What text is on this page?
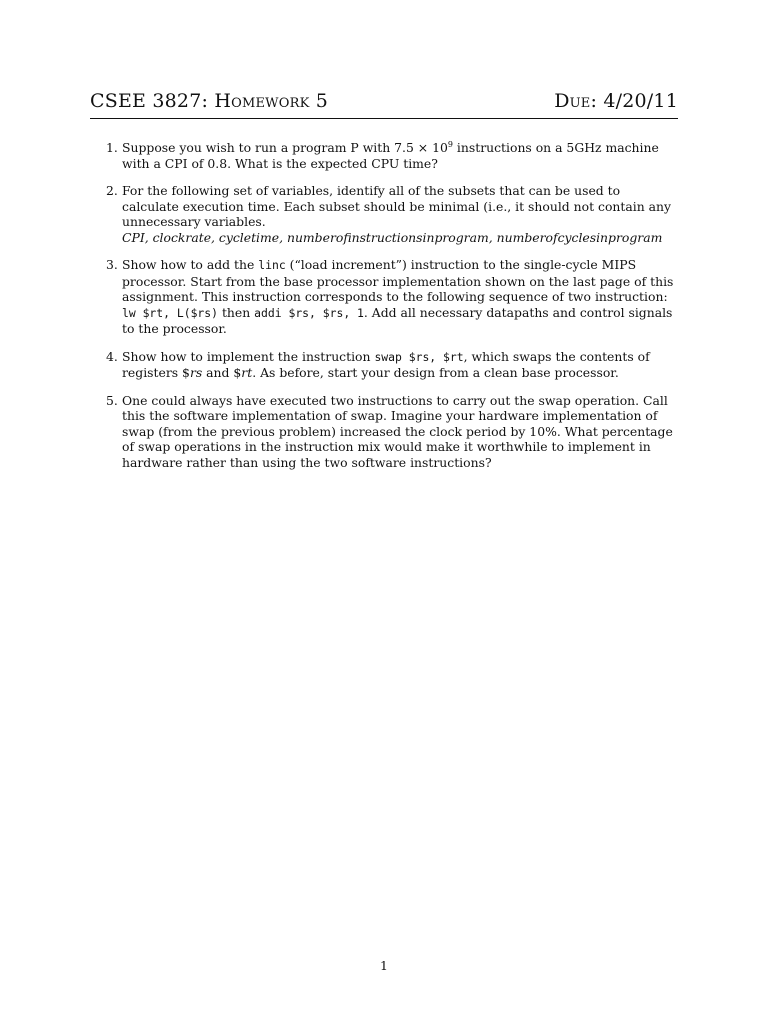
CSEE 3827: Homework 5	Due: 4/20/11
1. Suppose you wish to run a program P with $7.5 \times 10^9$ instructions on a 5GHz machine with a CPI of 0.8. What is the expected CPU time?
2. For the following set of variables, identify all of the subsets that can be used to calculate execution time. Each subset should be minimal (i.e., it should not contain any unnecessary variables.
CPI, clockrate, cycletime, numberofinstructionsinprogram, numberofcyclesinprogram
3. Show how to add the linc (“load increment”) instruction to the single-cycle MIPS processor. Start from the base processor implementation shown on the last page of this assignment. This instruction corresponds to the following sequence of two instruction: lw $rt, L($rs) then addi $rs, $rs, 1. Add all necessary datapaths and control signals to the processor.
4. Show how to implement the instruction swap $rs, $rt, which swaps the contents of registers $rs and $rt. As before, start your design from a clean base processor.
5. One could always have executed two instructions to carry out the swap operation. Call this the software implementation of swap. Imagine your hardware implementation of swap (from the previous problem) increased the clock period by 10%. What percentage of swap operations in the instruction mix would make it worthwhile to implement in hardware rather than using the two software instructions?
1
